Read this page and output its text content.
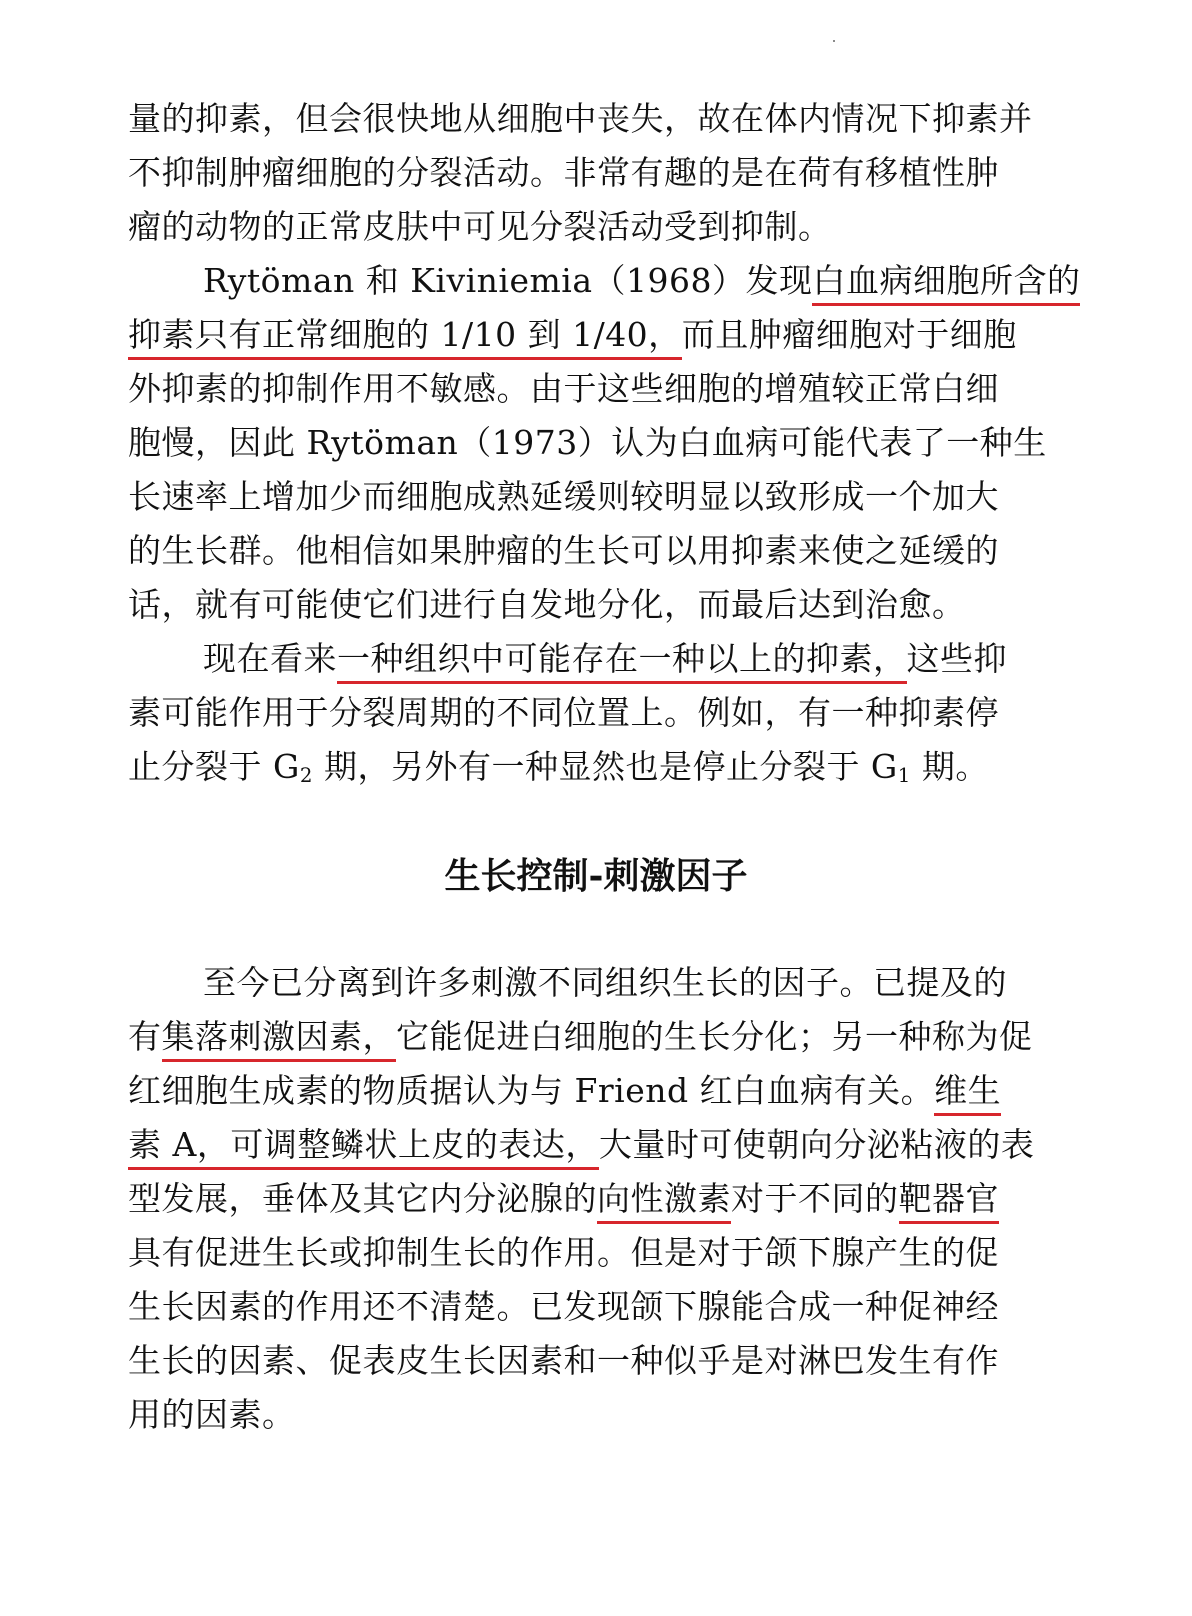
量的抑素，但会很快地从细胞中丧失，故在体内情况下抑素并
不抑制肿瘤细胞的分裂活动。非常有趣的是在荷有移植性肿
瘤的动物的正常皮肤中可见分裂活动受到抑制。
Rytöman 和 Kiviniemia（1968）发现白血病细胞所含的
抑素只有正常细胞的 1/10 到 1/40，而且肿瘤细胞对于细胞
外抑素的抑制作用不敏感。由于这些细胞的增殖较正常白细
胞慢，因此 Rytöman（1973）认为白血病可能代表了一种生
长速率上增加少而细胞成熟延缓则较明显以致形成一个加大
的生长群。他相信如果肿瘤的生长可以用抑素来使之延缓的
话，就有可能使它们进行自发地分化，而最后达到治愈。
现在看来一种组织中可能存在一种以上的抑素，这些抑
素可能作用于分裂周期的不同位置上。例如，有一种抑素停
止分裂于 G2 期，另外有一种显然也是停止分裂于 G1 期。
生长控制-刺激因子
至今已分离到许多刺激不同组织生长的因子。已提及的
有集落刺激因素，它能促进白细胞的生长分化；另一种称为促
红细胞生成素的物质据认为与 Friend 红白血病有关。维生
素 A，可调整鳞状上皮的表达，大量时可使朝向分泌粘液的表
型发展，垂体及其它内分泌腺的向性激素对于不同的靶器官
具有促进生长或抑制生长的作用。但是对于颌下腺产生的促
生长因素的作用还不清楚。已发现颌下腺能合成一种促神经
生长的因素、促表皮生长因素和一种似乎是对淋巴发生有作
用的因素。
